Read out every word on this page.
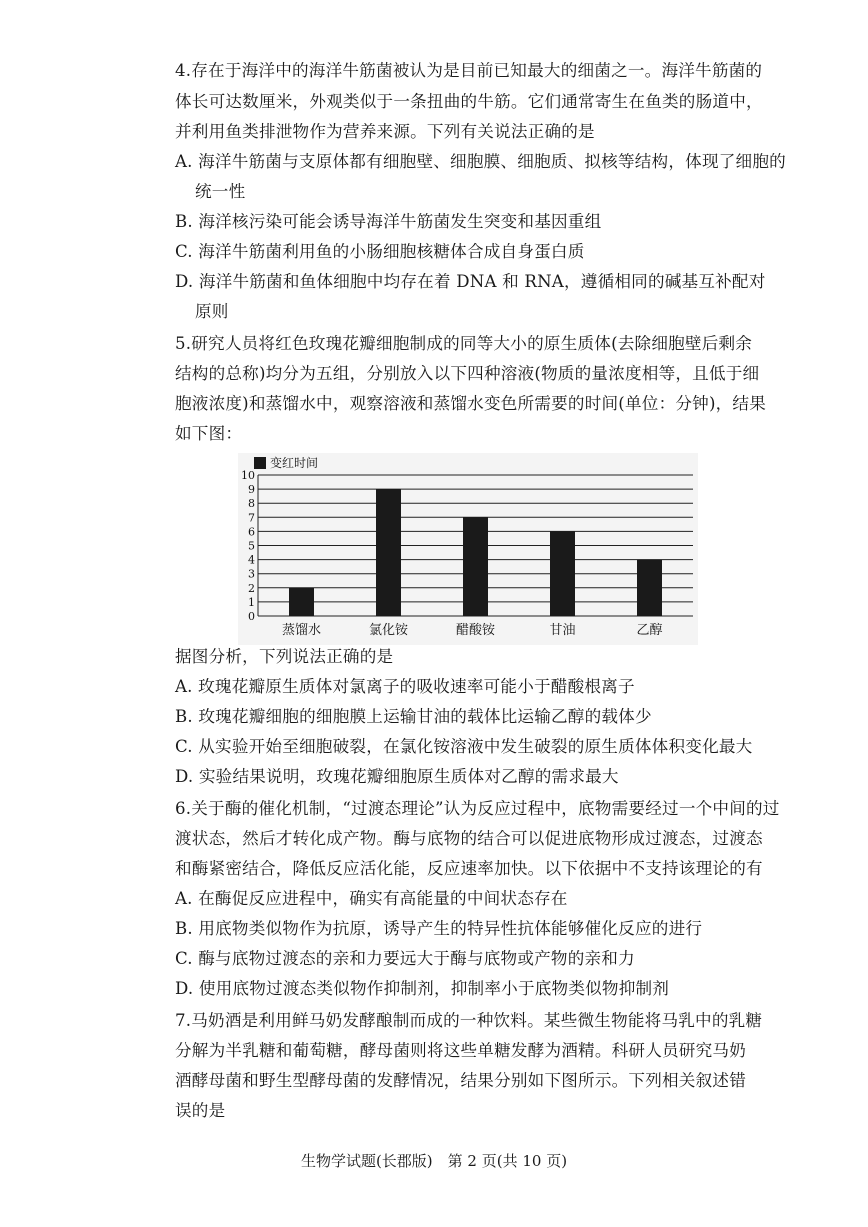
4.存在于海洋中的海洋牛筋菌被认为是目前已知最大的细菌之一。海洋牛筋菌的
体长可达数厘米，外观类似于一条扭曲的牛筋。它们通常寄生在鱼类的肠道中，
并利用鱼类排泄物作为营养来源。下列有关说法正确的是
A. 海洋牛筋菌与支原体都有细胞壁、细胞膜、细胞质、拟核等结构，体现了细胞的
统一性
B. 海洋核污染可能会诱导海洋牛筋菌发生突变和基因重组
C. 海洋牛筋菌利用鱼的小肠细胞核糖体合成自身蛋白质
D. 海洋牛筋菌和鱼体细胞中均存在着 DNA 和 RNA，遵循相同的碱基互补配对
原则
5.研究人员将红色玫瑰花瓣细胞制成的同等大小的原生质体(去除细胞壁后剩余
结构的总称)均分为五组，分别放入以下四种溶液(物质的量浓度相等，且低于细
胞液浓度)和蒸馏水中，观察溶液和蒸馏水变色所需要的时间(单位：分钟)，结果
如下图：
0
1
2
3
4
5
6
7
8
9
10
变红时间
蒸馏水	氯化铵	醋酸铵	甘油	乙醇
据图分析，下列说法正确的是
A. 玫瑰花瓣原生质体对氯离子的吸收速率可能小于醋酸根离子
B. 玫瑰花瓣细胞的细胞膜上运输甘油的载体比运输乙醇的载体少
C. 从实验开始至细胞破裂，在氯化铵溶液中发生破裂的原生质体体积变化最大
D. 实验结果说明，玫瑰花瓣细胞原生质体对乙醇的需求最大
6.关于酶的催化机制，“过渡态理论”认为反应过程中，底物需要经过一个中间的过
渡状态，然后才转化成产物。酶与底物的结合可以促进底物形成过渡态，过渡态
和酶紧密结合，降低反应活化能，反应速率加快。以下依据中不支持该理论的有
A. 在酶促反应进程中，确实有高能量的中间状态存在
B. 用底物类似物作为抗原，诱导产生的特异性抗体能够催化反应的进行
C. 酶与底物过渡态的亲和力要远大于酶与底物或产物的亲和力
D. 使用底物过渡态类似物作抑制剂，抑制率小于底物类似物抑制剂
7.马奶酒是利用鲜马奶发酵酿制而成的一种饮料。某些微生物能将马乳中的乳糖
分解为半乳糖和葡萄糖，酵母菌则将这些单糖发酵为酒精。科研人员研究马奶
酒酵母菌和野生型酵母菌的发酵情况，结果分别如下图所示。下列相关叙述错
误的是
生物学试题(长郡版)　第 2 页(共 10 页)
